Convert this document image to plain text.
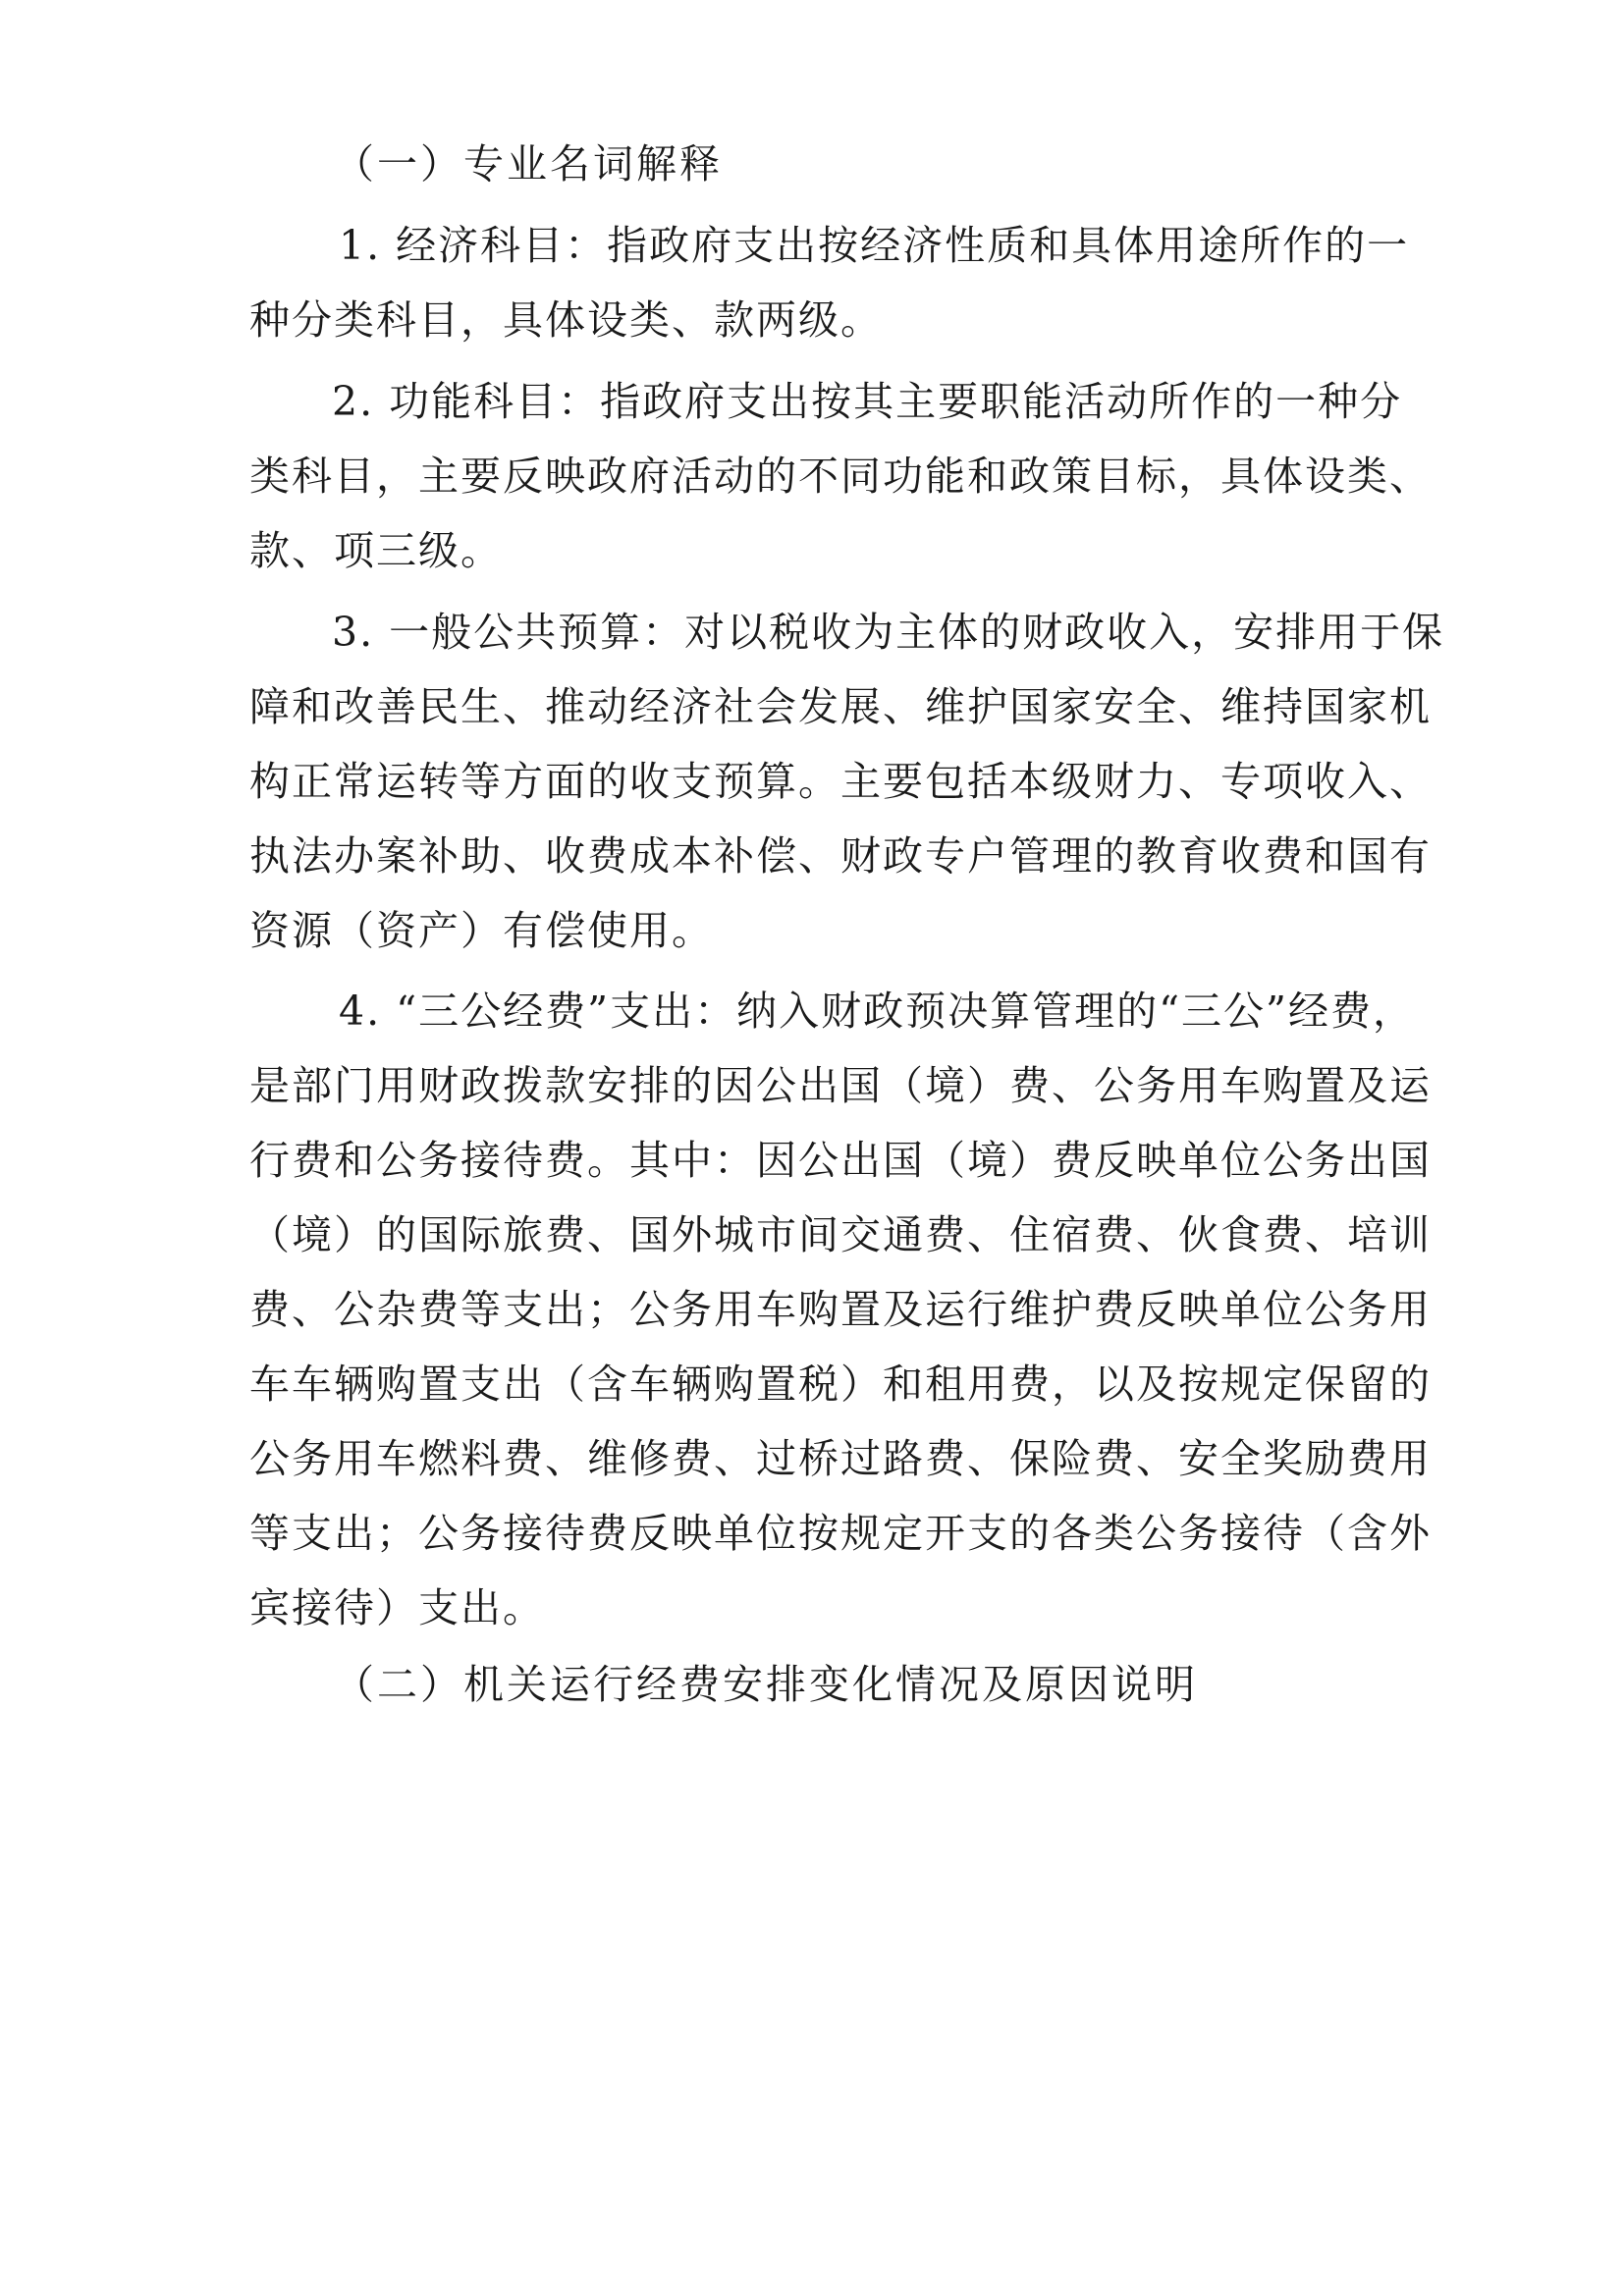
（一）专业名词解释
1. 经济科目：指政府支出按经济性质和具体用途所作的一
种分类科目，具体设类、款两级。
2. 功能科目：指政府支出按其主要职能活动所作的一种分
类科目，主要反映政府活动的不同功能和政策目标，具体设类、
款、项三级。
3. 一般公共预算：对以税收为主体的财政收入，安排用于保
障和改善民生、推动经济社会发展、维护国家安全、维持国家机
构正常运转等方面的收支预算。主要包括本级财力、专项收入、
执法办案补助、收费成本补偿、财政专户管理的教育收费和国有
资源（资产）有偿使用。
4. “三公经费”支出：纳入财政预决算管理的“三公”经费，
是部门用财政拨款安排的因公出国（境）费、公务用车购置及运
行费和公务接待费。其中：因公出国（境）费反映单位公务出国
（境）的国际旅费、国外城市间交通费、住宿费、伙食费、培训
费、公杂费等支出；公务用车购置及运行维护费反映单位公务用
车车辆购置支出（含车辆购置税）和租用费，以及按规定保留的
公务用车燃料费、维修费、过桥过路费、保险费、安全奖励费用
等支出；公务接待费反映单位按规定开支的各类公务接待（含外
宾接待）支出。
（二）机关运行经费安排变化情况及原因说明
